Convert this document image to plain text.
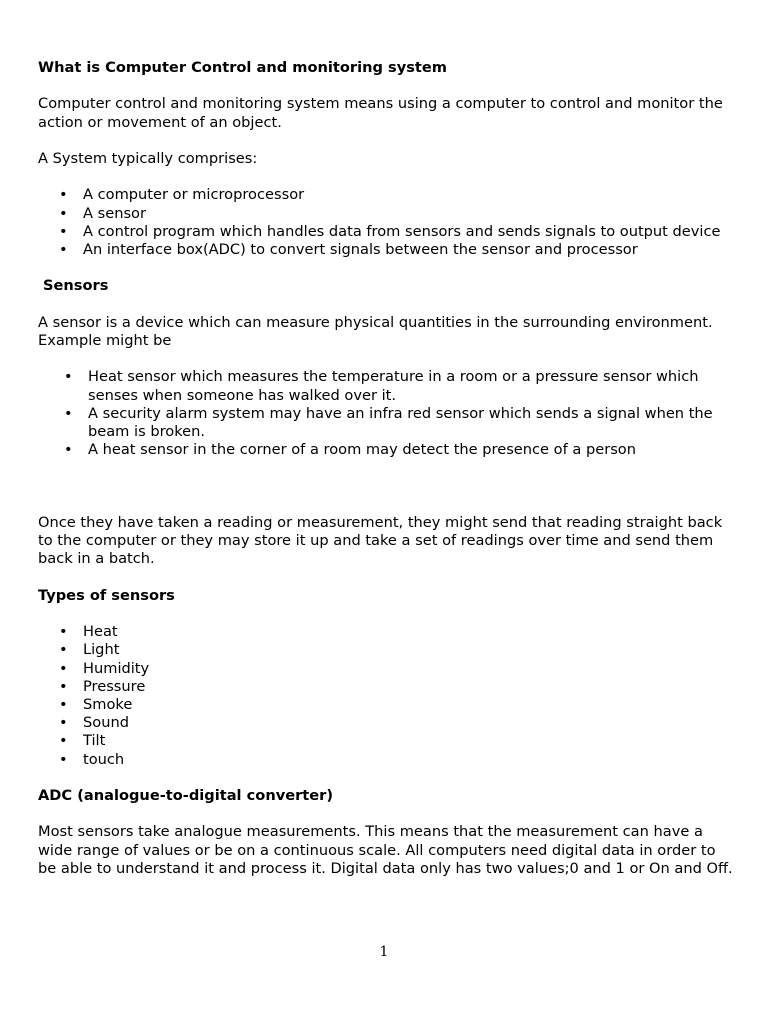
What is Computer Control and monitoring system

Computer control and monitoring system means using a computer to control and monitor the action or movement of an object.

A System typically comprises:

• A computer or microprocessor
• A sensor
• A control program which handles data from sensors and sends signals to output device
• An interface box(ADC) to convert signals between the sensor and processor

Sensors

A sensor is a device which can measure physical quantities in the surrounding environment. Example might be

• Heat sensor which measures the temperature in a room or a pressure sensor which senses when someone has walked over it.
• A security alarm system may have an infra red sensor which sends a signal when the beam is broken.
• A heat sensor in the corner of a room may detect the presence of a person

Once they have taken a reading or measurement, they might send that reading straight back to the computer or they may store it up and take a set of readings over time and send them back in a batch.

Types of sensors

• Heat
• Light
• Humidity
• Pressure
• Smoke
• Sound
• Tilt
• touch

ADC (analogue-to-digital converter)

Most sensors take analogue measurements. This means that the measurement can have a wide range of values or be on a continuous scale. All computers need digital data in order to be able to understand it and process it. Digital data only has two values;0 and 1 or On and Off.

1
